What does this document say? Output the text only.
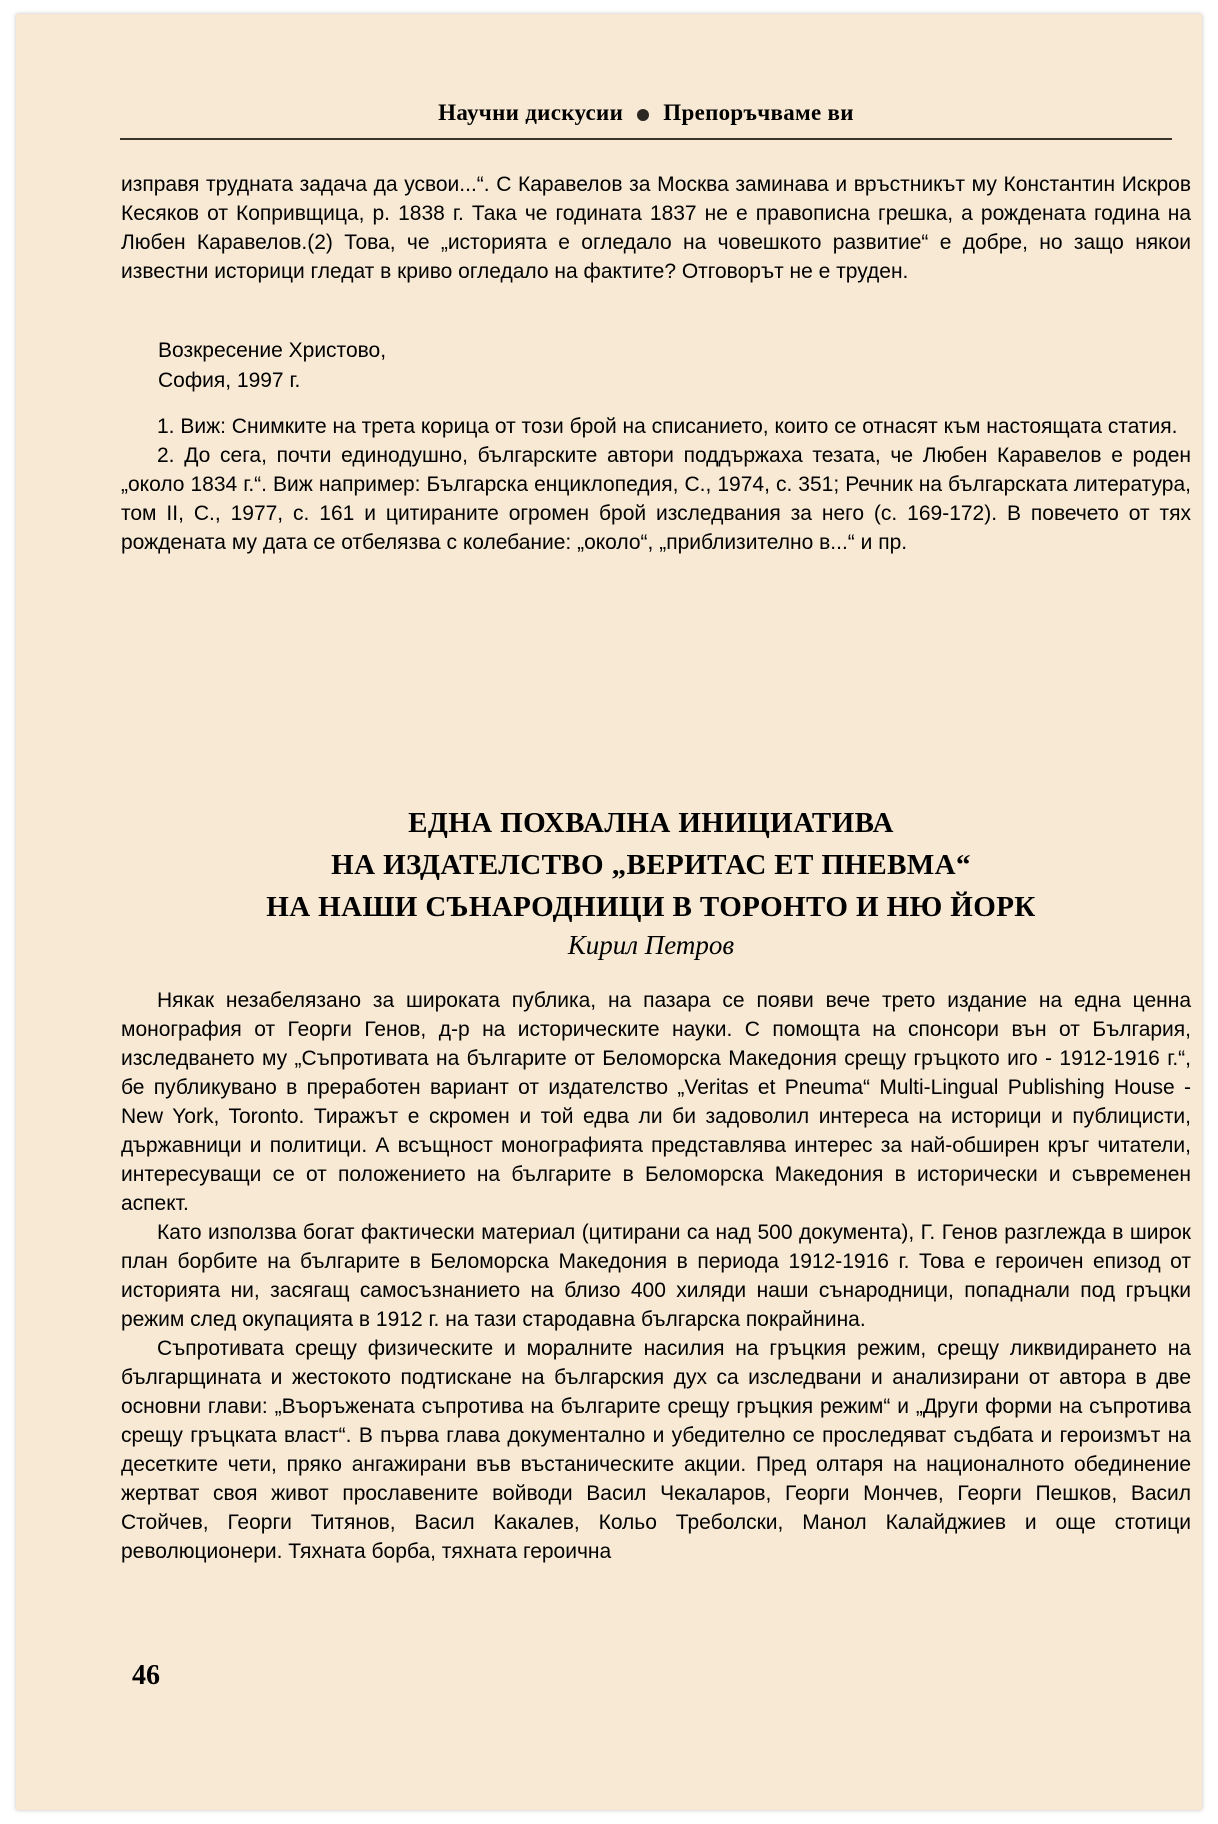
Научни дискусии Препоръчваме ви

изправя трудната задача да усвои...“. С Каравелов за Москва заминава и връстникът му Константин Искров Кесяков от Копривщица, р. 1838 г. Така че годината 1837 не е правописна грешка, а рождената година на Любен Каравелов.(2) Това, че „историята е огледало на човешкото развитие“ е добре, но защо някои известни историци гледат в криво огледало на фактите? Отговорът не е труден.

Возкресение Христово,
София, 1997 г.

1. Виж: Снимките на трета корица от този брой на списанието, които се отнасят към настоящата статия.

2. До сега, почти единодушно, българските автори поддържаха тезата, че Любен Каравелов е роден „около 1834 г.“. Виж например: Българска енциклопедия, С., 1974, с. 351; Речник на българската литература, том II, С., 1977, с. 161 и цитираните огромен брой изследвания за него (с. 169-172). В повечето от тях рождената му дата се отбелязва с колебание: „около“, „приблизително в...“ и пр.

ЕДНА ПОХВАЛНА ИНИЦИАТИВА
НА ИЗДАТЕЛСТВО „ВЕРИТАС ЕТ ПНЕВМА“
НА НАШИ СЪНАРОДНИЦИ В ТОРОНТО И НЮ ЙОРК
Кирил Петров

Някак незабелязано за широката публика, на пазара се появи вече трето издание на една ценна монография от Георги Генов, д-р на историческите науки. С помощта на спонсори вън от България, изследването му „Съпротивата на българите от Беломорска Македония срещу гръцкото иго - 1912-1916 г.“, бе публикувано в преработен вариант от издателство „Veritas et Pneuma“ Multi-Lingual Publishing House - New York, Toronto. Тиражът е скромен и той едва ли би задоволил интереса на историци и публицисти, държавници и политици. А всъщност монографията представлява интерес за най-обширен кръг читатели, интересуващи се от положението на българите в Беломорска Македония в исторически и съвременен аспект.

Като използва богат фактически материал (цитирани са над 500 документа), Г. Генов разглежда в широк план борбите на българите в Беломорска Македония в периода 1912-1916 г. Това е героичен епизод от историята ни, засягащ самосъзнанието на близо 400 хиляди наши сънародници, попаднали под гръцки режим след окупацията в 1912 г. на тази стародавна българска покрайнина.

Съпротивата срещу физическите и моралните насилия на гръцкия режим, срещу ликвидирането на българщината и жестокото подтискане на българския дух са изследвани и анализирани от автора в две основни глави: „Въоръжената съпротива на българите срещу гръцкия режим“ и „Други форми на съпротива срещу гръцката власт“. В първа глава документално и убедително се проследяват съдбата и героизмът на десетките чети, пряко ангажирани във въстаническите акции. Пред олтаря на националното обединение жертват своя живот прославените войводи Васил Чекаларов, Георги Мончев, Георги Пешков, Васил Стойчев, Георги Титянов, Васил Какалев, Кольо Треболски, Манол Калайджиев и още стотици революционери. Тяхната борба, тяхната героична

46
